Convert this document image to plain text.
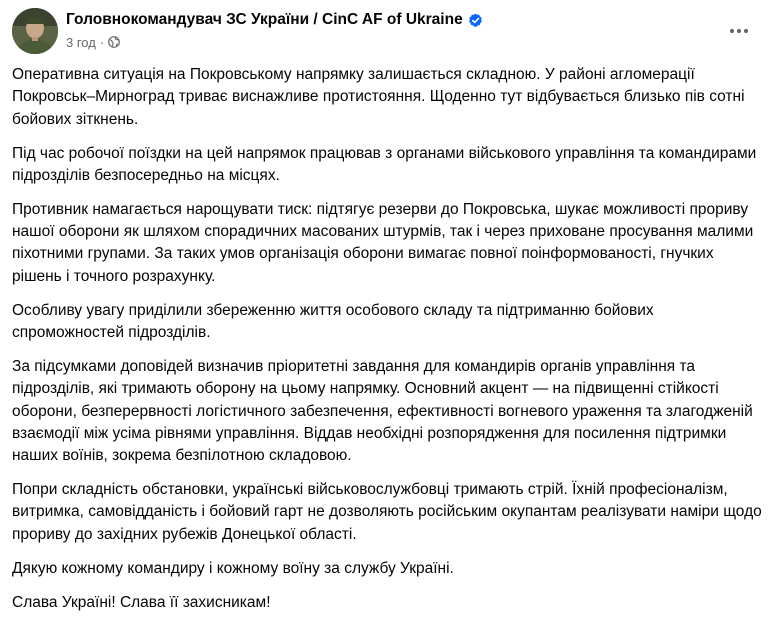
Головнокомандувач ЗС України / CinC AF of Ukraine
3 год ·

Оперативна ситуація на Покровському напрямку залишається складною. У районі агломерації Покровськ–Мирноград триває виснажливе протистояння. Щоденно тут відбувається близько пів сотні бойових зіткнень.

Під час робочої поїздки на цей напрямок працював з органами військового управління та командирами підрозділів безпосередньо на місцях.

Противник намагається нарощувати тиск: підтягує резерви до Покровська, шукає можливості прориву нашої оборони як шляхом спорадичних масованих штурмів, так і через приховане просування малими піхотними групами. За таких умов організація оборони вимагає повної поінформованості, гнучких рішень і точного розрахунку.

Особливу увагу приділили збереженню життя особового складу та підтриманню бойових спроможностей підрозділів.

За підсумками доповідей визначив пріоритетні завдання для командирів органів управління та підрозділів, які тримають оборону на цьому напрямку. Основний акцент — на підвищенні стійкості оборони, безперервності логістичного забезпечення, ефективності вогневого ураження та злагодженій взаємодії між усіма рівнями управління. Віддав необхідні розпорядження для посилення підтримки наших воїнів, зокрема безпілотною складовою.

Попри складність обстановки, українські військовослужбовці тримають стрій. Їхній професіоналізм, витримка, самовідданість і бойовий гарт не дозволяють російським окупантам реалізувати наміри щодо прориву до західних рубежів Донецької області.

Дякую кожному командиру і кожному воїну за службу Україні.

Слава Україні! Слава її захисникам!
